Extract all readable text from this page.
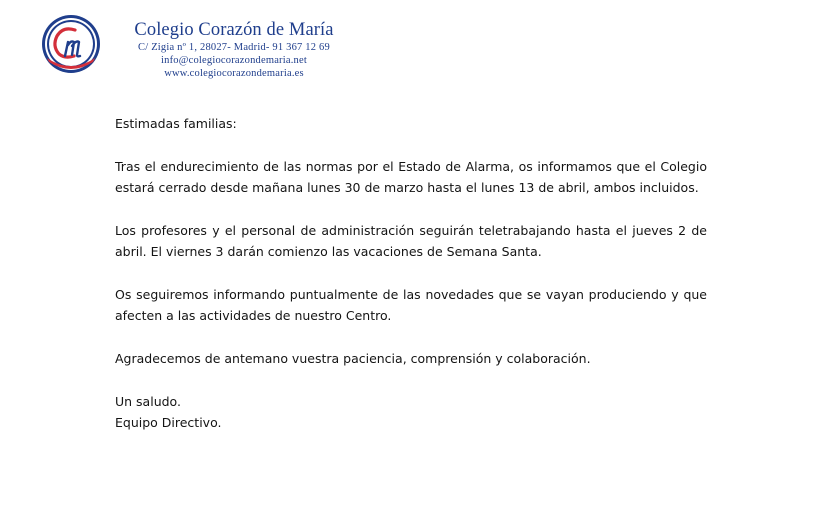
Colegio Corazón de María
C/ Zigia nº 1, 28027- Madrid- 91 367 12 69
info@colegiocorazondemaria.net
www.colegiocorazondemaria.es

Estimadas familias:

Tras el endurecimiento de las normas por el Estado de Alarma, os informamos que el Colegio estará cerrado desde mañana lunes 30 de marzo hasta el lunes 13 de abril, ambos incluidos.

Los profesores y el personal de administración seguirán teletrabajando hasta el jueves 2 de abril. El viernes 3 darán comienzo las vacaciones de Semana Santa.

Os seguiremos informando puntualmente de las novedades que se vayan produciendo y que afecten a las actividades de nuestro Centro.

Agradecemos de antemano vuestra paciencia, comprensión y colaboración.

Un saludo.

Equipo Directivo.
